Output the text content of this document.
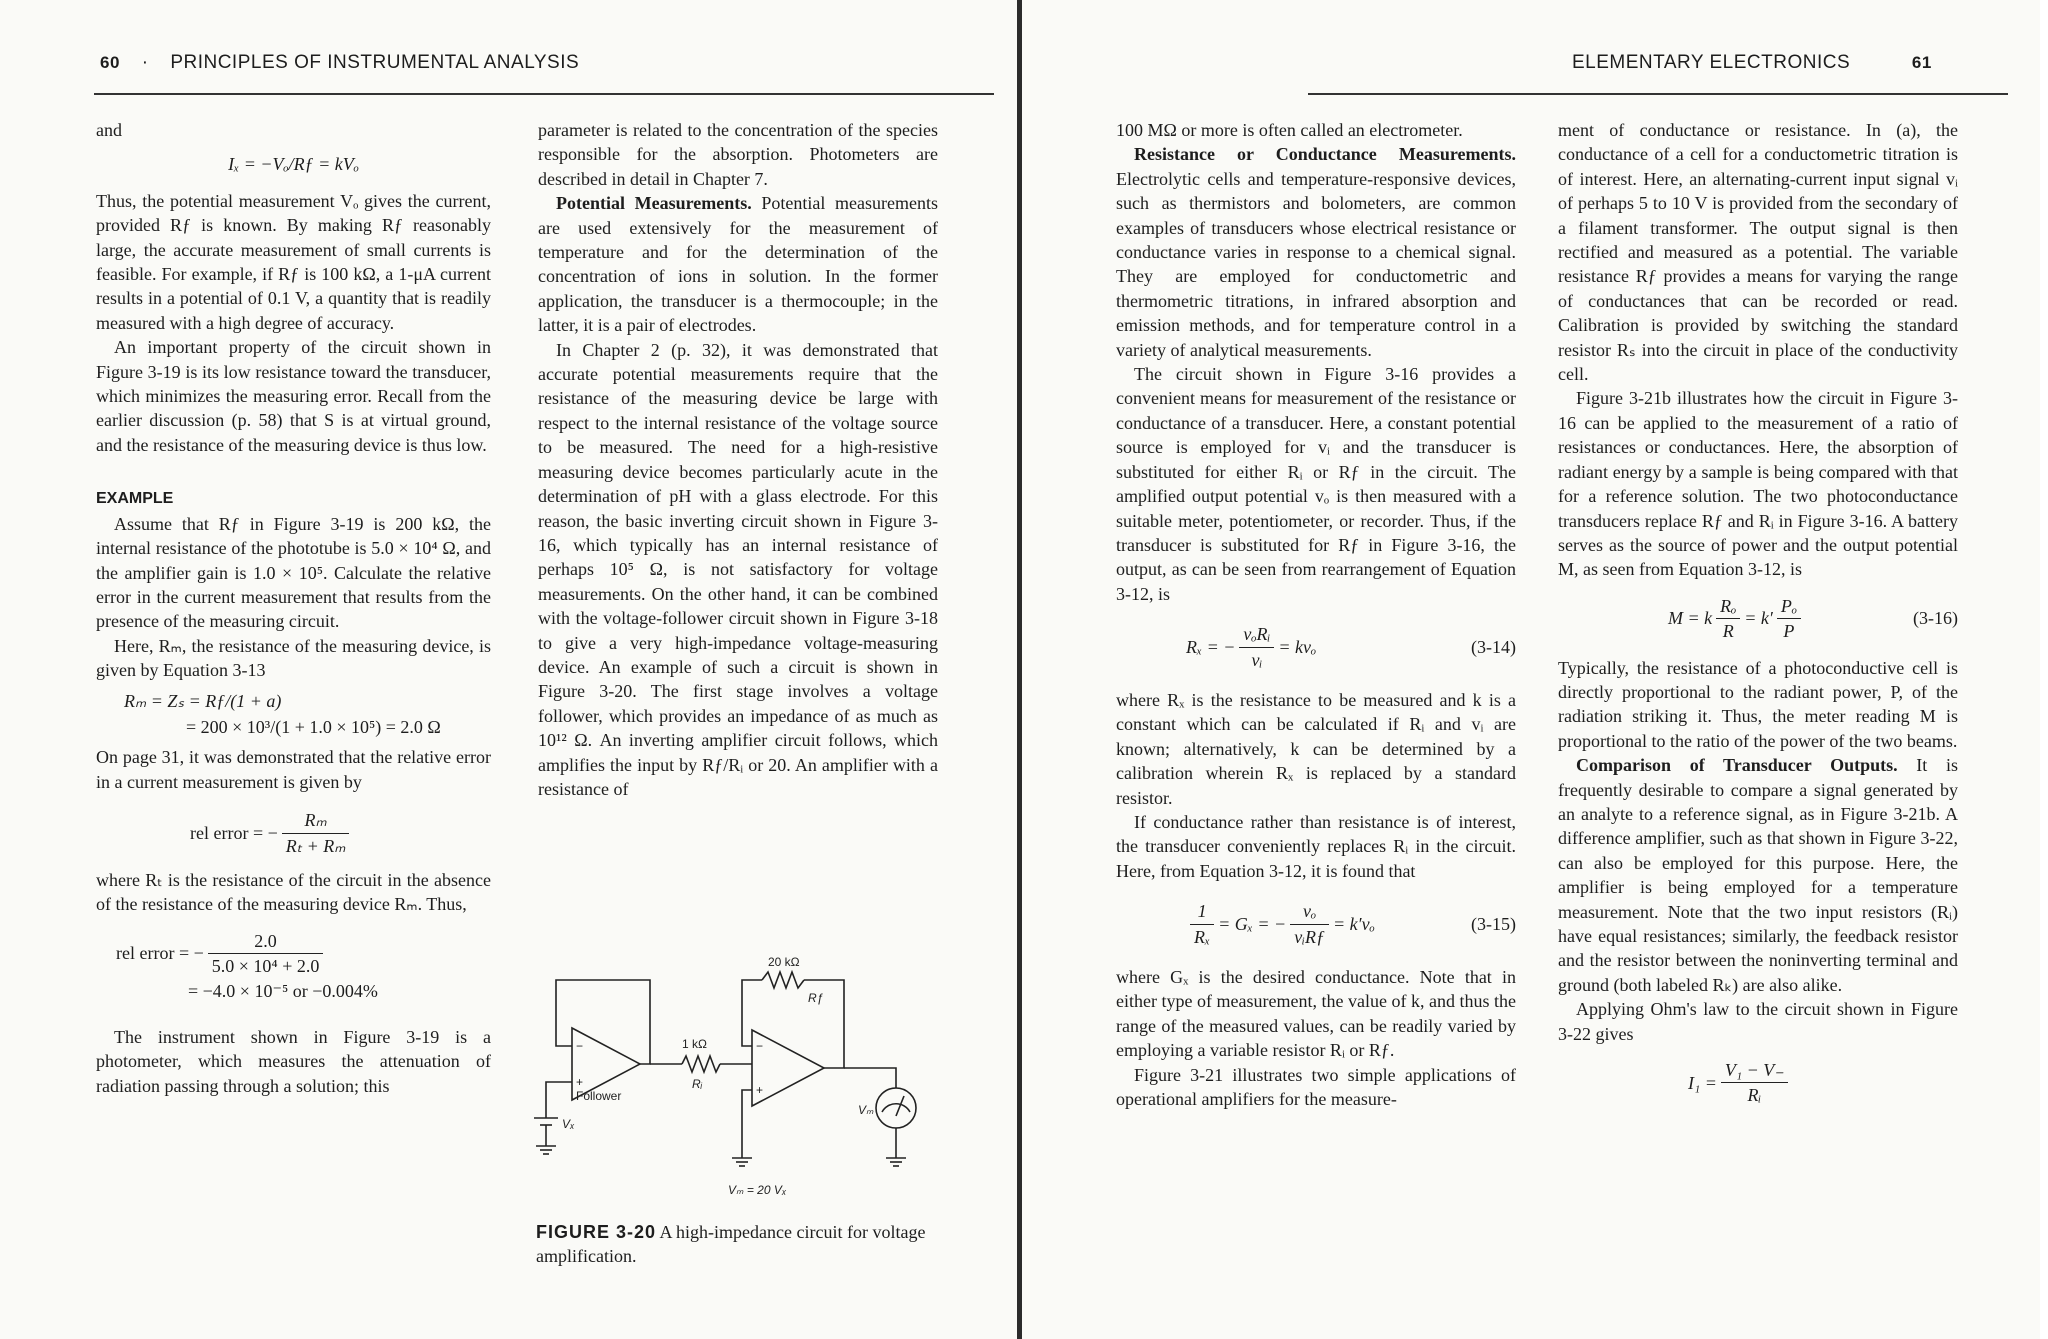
60 · PRINCIPLES OF INSTRUMENTAL ANALYSIS

and

Iₓ = −Vₒ/Rƒ = kVₒ

Thus, the potential measurement Vₒ gives the current, provided Rƒ is known. By making Rƒ reasonably large, the accurate measurement of small currents is feasible. For example, if Rƒ is 100 kΩ, a 1-μA current results in a potential of 0.1 V, a quantity that is readily measured with a high degree of accuracy.

An important property of the circuit shown in Figure 3-19 is its low resistance toward the transducer, which minimizes the measuring error. Recall from the earlier discussion (p. 58) that S is at virtual ground, and the resistance of the measuring device is thus low.

EXAMPLE

Assume that Rƒ in Figure 3-19 is 200 kΩ, the internal resistance of the phototube is 5.0 × 10⁴ Ω, and the amplifier gain is 1.0 × 10⁵. Calculate the relative error in the current measurement that results from the presence of the measuring circuit.

Here, Rₘ, the resistance of the measuring device, is given by Equation 3-13

Rₘ = Zₛ = Rƒ/(1 + a)
= 200 × 10³/(1 + 1.0 × 10⁵) = 2.0 Ω

On page 31, it was demonstrated that the relative error in a current measurement is given by

rel error = − $\frac{\text{Rₘ}}{\text{Rₜ + Rₘ}}$

where Rₜ is the resistance of the circuit in the absence of the resistance of the measuring device Rₘ. Thus,

rel error = − $\frac{2.0}{\text{5.0 × 10⁴ + 2.0}}$
= −4.0 × 10⁻⁵ or −0.004%

The instrument shown in Figure 3-19 is a photometer, which measures the attenuation of radiation passing through a solution; this

parameter is related to the concentration of the species responsible for the absorption. Photometers are described in detail in Chapter 7.

Potential Measurements. Potential measurements are used extensively for the measurement of temperature and for the determination of the concentration of ions in solution. In the former application, the transducer is a thermocouple; in the latter, it is a pair of electrodes.

In Chapter 2 (p. 32), it was demonstrated that accurate potential measurements require that the resistance of the measuring device be large with respect to the internal resistance of the voltage source to be measured. The need for a high-resistive measuring device becomes particularly acute in the determination of pH with a glass electrode. For this reason, the basic inverting circuit shown in Figure 3-16, which typically has an internal resistance of perhaps 10⁵ Ω, is not satisfactory for voltage measurements. On the other hand, it can be combined with the voltage-follower circuit shown in Figure 3-18 to give a very high-impedance voltage-measuring device. An example of such a circuit is shown in Figure 3-20. The first stage involves a voltage follower, which provides an impedance of as much as 10¹² Ω. An inverting amplifier circuit follows, which amplifies the input by Rƒ/Rᵢ or 20. An amplifier with a resistance of

−
+
Follower
−
+
1 kΩ
Rᵢ
20 kΩ
Rƒ
Vₓ
Vₘ
Vₘ = 20 Vₓ
FIGURE 3-20 A high-impedance circuit for voltage amplification.
ELEMENTARY ELECTRONICS	61

100 MΩ or more is often called an electrometer.

Resistance or Conductance Measurements. Electrolytic cells and temperature-responsive devices, such as thermistors and bolometers, are common examples of transducers whose electrical resistance or conductance varies in response to a chemical signal. They are employed for conductometric and thermometric titrations, in infrared absorption and emission methods, and for temperature control in a variety of analytical measurements.

The circuit shown in Figure 3-16 provides a convenient means for measurement of the resistance or conductance of a transducer. Here, a constant potential source is employed for vᵢ and the transducer is substituted for either Rᵢ or Rƒ in the circuit. The amplified output potential vₒ is then measured with a suitable meter, potentiometer, or recorder. Thus, if the transducer is substituted for Rƒ in Figure 3-16, the output, as can be seen from rearrangement of Equation 3-12, is

Rₓ = − $\frac{\text{vₒRᵢ}}{\text{vᵢ}} = kv_o$	(3-14)

where Rₓ is the resistance to be measured and k is a constant which can be calculated if Rᵢ and vᵢ are known; alternatively, k can be determined by a calibration wherein Rₓ is replaced by a standard resistor.

If conductance rather than resistance is of interest, the transducer conveniently replaces Rᵢ in the circuit. Here, from Equation 3-12, it is found that

$\frac{1}{\text{Rₓ}} = G_x$ = − $\frac{\text{vₒ}}{\text{vᵢRƒ}} = k'v_o$	(3-15)

where Gₓ is the desired conductance. Note that in either type of measurement, the value of k, and thus the range of the measured values, can be readily varied by employing a variable resistor Rᵢ or Rƒ.

Figure 3-21 illustrates two simple applications of operational amplifiers for the measure-

ment of conductance or resistance. In (a), the conductance of a cell for a conductometric titration is of interest. Here, an alternating-current input signal vᵢ of perhaps 5 to 10 V is provided from the secondary of a filament transformer. The output signal is then rectified and measured as a potential. The variable resistance Rƒ provides a means for varying the range of conductances that can be recorded or read. Calibration is provided by switching the standard resistor Rₛ into the circuit in place of the conductivity cell.

Figure 3-21b illustrates how the circuit in Figure 3-16 can be applied to the measurement of a ratio of resistances or conductances. Here, the absorption of radiant energy by a sample is being compared with that for a reference solution. The two photoconductance transducers replace Rƒ and Rᵢ in Figure 3-16. A battery serves as the source of power and the output potential M, as seen from Equation 3-12, is

M = k $\frac{\text{Rₒ}}{R} = k' \frac{\text{Pₒ}}{P}$	(3-16)

Typically, the resistance of a photoconductive cell is directly proportional to the radiant power, P, of the radiation striking it. Thus, the meter reading M is proportional to the ratio of the power of the two beams.

Comparison of Transducer Outputs. It is frequently desirable to compare a signal generated by an analyte to a reference signal, as in Figure 3-21b. A difference amplifier, such as that shown in Figure 3-22, can also be employed for this purpose. Here, the amplifier is being employed for a temperature measurement. Note that the two input resistors (Rᵢ) have equal resistances; similarly, the feedback resistor and the resistor between the noninverting terminal and ground (both labeled Rₖ) are also alike.

Applying Ohm's law to the circuit shown in Figure 3-22 gives

$I_1 = \frac{\text{V₁ − V₋}}{\text{Rᵢ}}$
